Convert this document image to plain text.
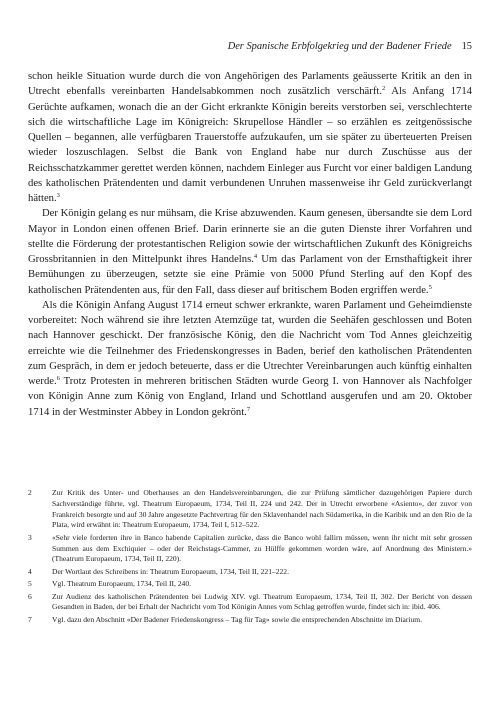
Der Spanische Erbfolgekrieg und der Badener Friede 15

schon heikle Situation wurde durch die von Angehörigen des Parlaments geäusserte Kritik an den in Utrecht ebenfalls vereinbarten Handelsabkommen noch zusätzlich verschärft.$^2$ Als Anfang 1714 Gerüchte aufkamen, wonach die an der Gicht erkrankte Königin bereits verstorben sei, verschlechterte sich die wirtschaftliche Lage im Königreich: Skrupellose Händler – so erzählen es zeitgenössische Quellen – begannen, alle verfügbaren Trauerstoffe aufzukaufen, um sie später zu überteuerten Preisen wieder loszuschlagen. Selbst die Bank von England habe nur durch Zuschüsse aus der Reichsschatzkammer gerettet werden können, nachdem Einleger aus Furcht vor einer baldigen Landung des katholischen Prätendenten und damit verbundenen Unruhen massenweise ihr Geld zurückverlangt hätten.$^3$

Der Königin gelang es nur mühsam, die Krise abzuwenden. Kaum genesen, übersandte sie dem Lord Mayor in London einen offenen Brief. Darin erinnerte sie an die guten Dienste ihrer Vorfahren und stellte die Förderung der protestantischen Religion sowie der wirtschaftlichen Zukunft des Königreichs Grossbritannien in den Mittelpunkt ihres Handelns.$^4$ Um das Parlament von der Ernsthaftigkeit ihrer Bemühungen zu überzeugen, setzte sie eine Prämie von 5000 Pfund Sterling auf den Kopf des katholischen Prätendenten aus, für den Fall, dass dieser auf britischem Boden ergriffen werde.$^5$

Als die Königin Anfang August 1714 erneut schwer erkrankte, waren Parlament und Geheimdienste vorbereitet: Noch während sie ihre letzten Atemzüge tat, wurden die Seehäfen geschlossen und Boten nach Hannover geschickt. Der französische König, den die Nachricht vom Tod Annes gleichzeitig erreichte wie die Teilnehmer des Friedenskongresses in Baden, berief den katholischen Prätendenten zum Gespräch, in dem er jedoch beteuerte, dass er die Utrechter Vereinbarungen auch künftig einhalten werde.$^6$ Trotz Protesten in mehreren britischen Städten wurde Georg I. von Hannover als Nachfolger von Königin Anne zum König von England, Irland und Schottland ausgerufen und am 20. Oktober 1714 in der Westminster Abbey in London gekrönt.$^7$

2	Zur Kritik des Unter- und Oberhauses an den Handelsvereinbarungen, die zur Prüfung sämtlicher dazugehörigen Papiere durch Sachverständige führte, vgl. Theatrum Europaeum, 1734, Teil II, 224 und 242. Der in Utrecht erworbene «Asiento», der zuvor von Frankreich besorgte und auf 30 Jahre angesetzte Pachtvertrag für den Sklavenhandel nach Südamerika, in die Karibik und an den Rio de la Plata, wird erwähnt in: Theatrum Europaeum, 1734, Teil I, 512–522.
3	«Sehr viele forderten ihre in Banco habende Capitalien zurücke, dass die Banco wohl fallirn müssen, wenn ihr nicht mit sehr grossen Summen aus dem Exchiquier – oder der Reichstags-Cammer, zu Hülffe gekommen worden wäre, auf Anordnung des Ministern.» (Theatrum Europaeum, 1734, Teil II, 220).
4	Der Wortlaut des Schreibens in: Theatrum Europaeum, 1734, Teil II, 221–222.
5	Vgl. Theatrum Europaeum, 1734, Teil II, 240.
6	Zur Audienz des katholischen Prätendenten bei Ludwig XIV. vgl. Theatrum Europaeum, 1734, Teil II, 302. Der Bericht von dessen Gesandten in Baden, der bei Erhalt der Nachricht vom Tod Königin Annes vom Schlag getroffen wurde, findet sich in: ibid. 406.
7	Vgl. dazu den Abschnitt «Der Badener Friedenskongress – Tag für Tag» sowie die entsprechenden Abschnitte im Diarium.
